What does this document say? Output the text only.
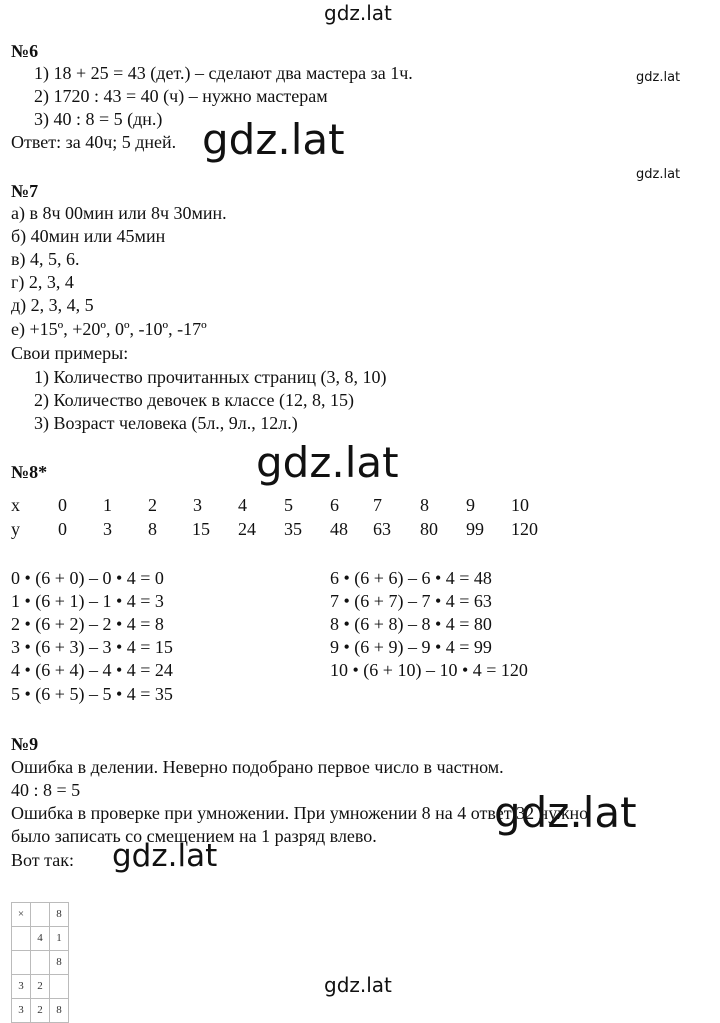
gdz.lat
gdz.lat
gdz.lat
gdz.lat
gdz.lat
gdz.lat
gdz.lat
gdz.lat
№6
1) 18 + 25 = 43 (дет.) – сделают два мастера за 1ч.
2) 1720 : 43 = 40 (ч) – нужно мастерам
3) 40 : 8 = 5 (дн.)
Ответ: за 40ч; 5 дней.
№7
а) в 8ч 00мин или 8ч 30мин.
б) 40мин или 45мин
в) 4, 5, 6.
г) 2, 3, 4
д) 2, 3, 4, 5
е) +15º, +20º, 0º, -10º, -17º
Свои примеры:
1) Количество прочитанных страниц (3, 8, 10)
2) Количество девочек в классе (12, 8, 15)
3) Возраст человека (5л., 9л., 12л.)
№8*
x 0 1 2 3 4 5 6 7 8 9 10
y 0 3 8 15 24 35 48 63 80 99 120
0 • (6 + 0) – 0 • 4 = 0
1 • (6 + 1) – 1 • 4 = 3
2 • (6 + 2) – 2 • 4 = 8
3 • (6 + 3) – 3 • 4 = 15
4 • (6 + 4) – 4 • 4 = 24
5 • (6 + 5) – 5 • 4 = 35
6 • (6 + 6) – 6 • 4 = 48
7 • (6 + 7) – 7 • 4 = 63
8 • (6 + 8) – 8 • 4 = 80
9 • (6 + 9) – 9 • 4 = 99
10 • (6 + 10) – 10 • 4 = 120
№9
Ошибка в делении. Неверно подобрано первое число в частном.
40 : 8 = 5
Ошибка в проверке при умножении. При умножении 8 на 4 ответ 32 нужно
было записать со смещением на 1 разряд влево.
Вот так:
×		8
	4	1
		8
3	2	
3	2	8
